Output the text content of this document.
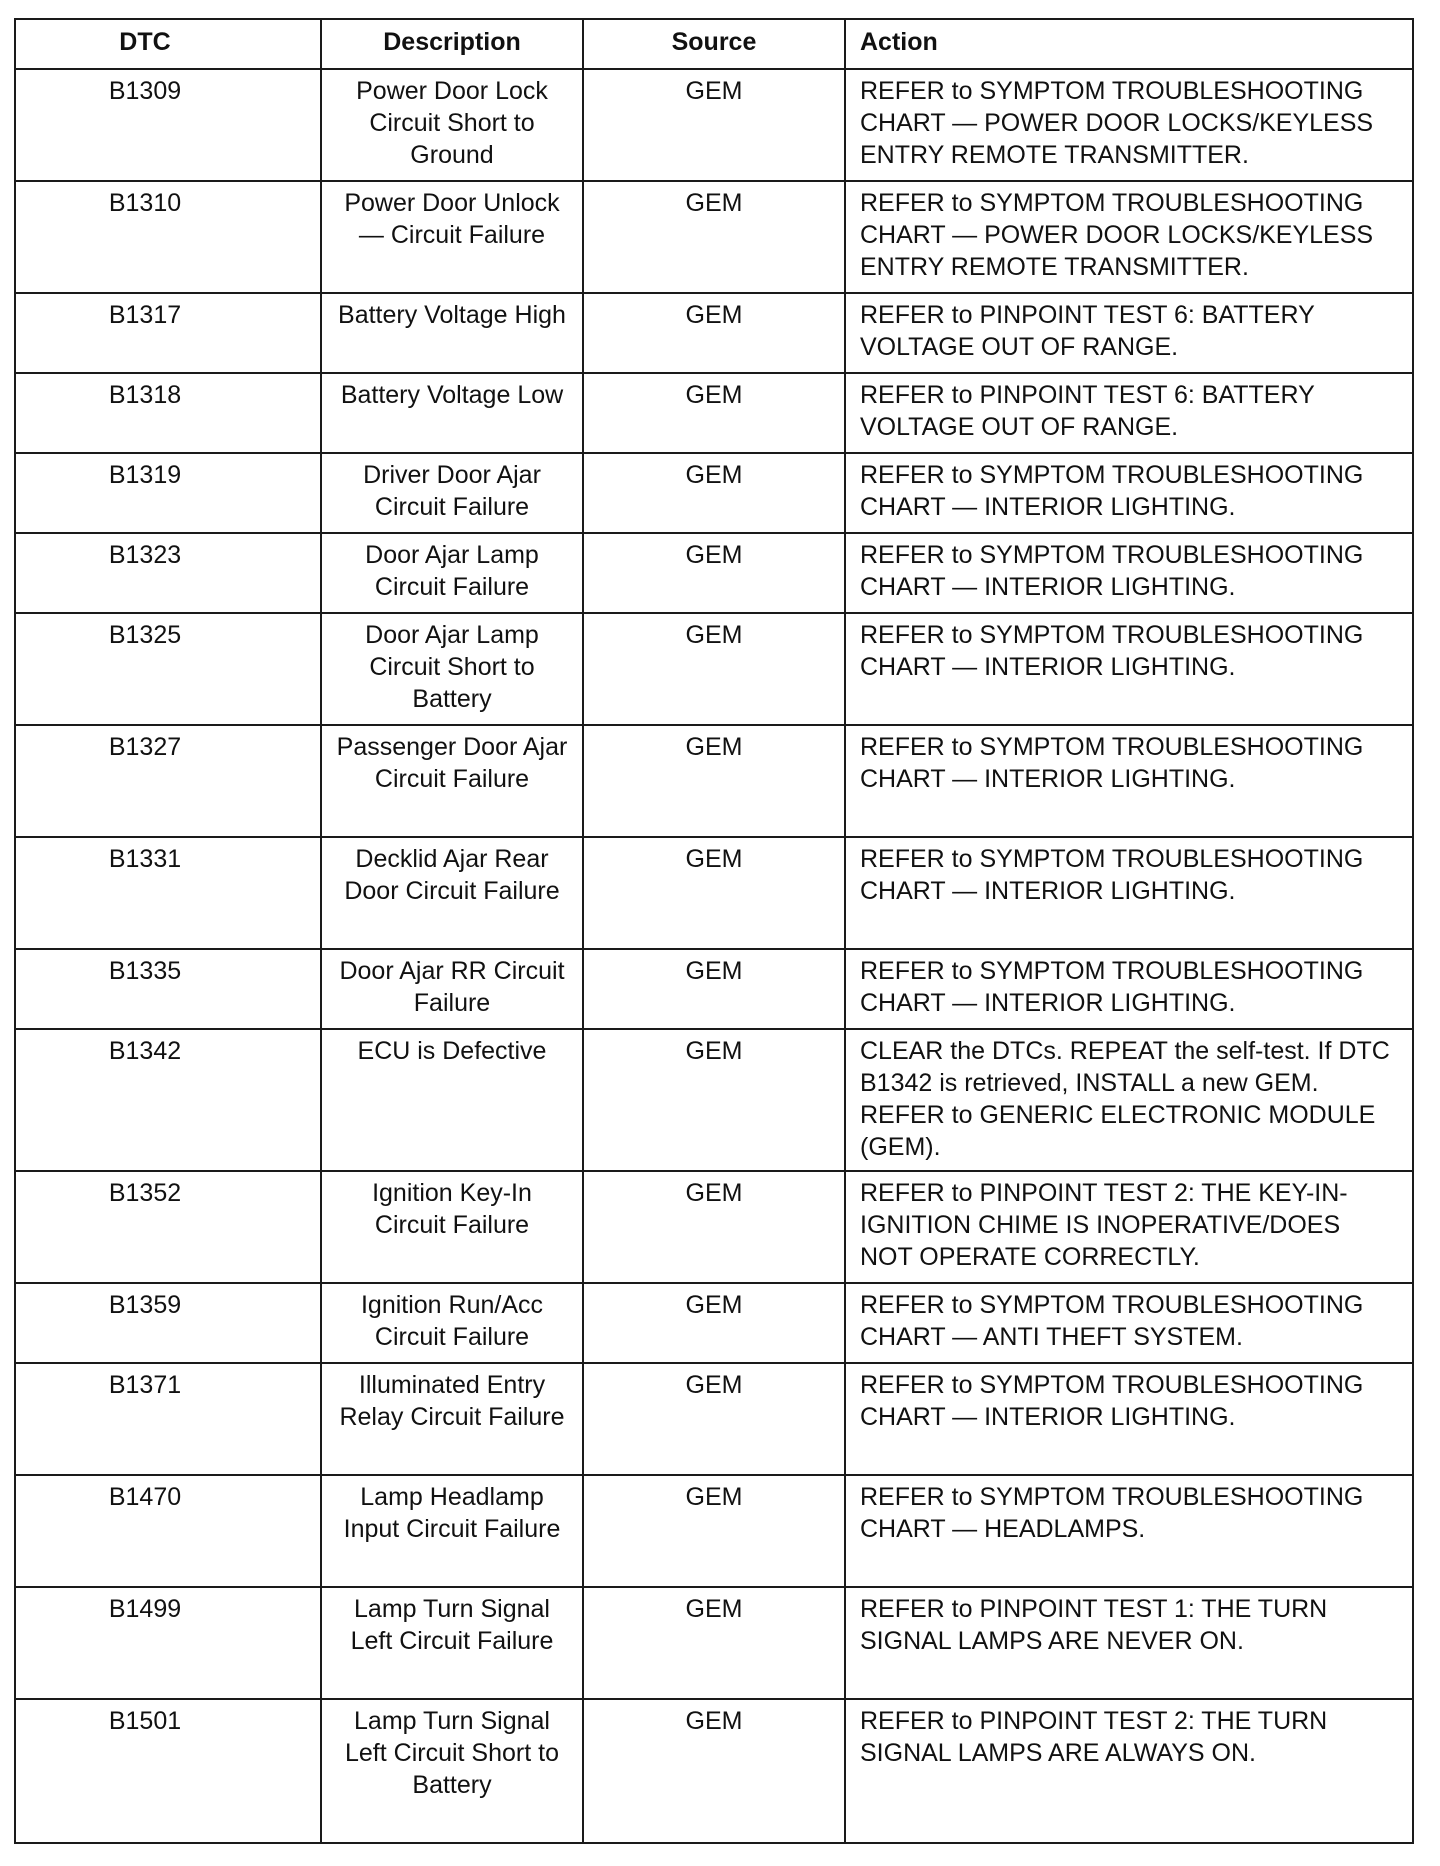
DTC	Description	Source	Action
B1309	Power Door Lock Circuit Short to Ground	GEM	REFER to SYMPTOM TROUBLESHOOTING CHART — POWER DOOR LOCKS/KEYLESS ENTRY REMOTE TRANSMITTER.
B1310	Power Door Unlock — Circuit Failure	GEM	REFER to SYMPTOM TROUBLESHOOTING CHART — POWER DOOR LOCKS/KEYLESS ENTRY REMOTE TRANSMITTER.
B1317	Battery Voltage High	GEM	REFER to PINPOINT TEST 6: BATTERY VOLTAGE OUT OF RANGE.
B1318	Battery Voltage Low	GEM	REFER to PINPOINT TEST 6: BATTERY VOLTAGE OUT OF RANGE.
B1319	Driver Door Ajar Circuit Failure	GEM	REFER to SYMPTOM TROUBLESHOOTING CHART — INTERIOR LIGHTING.
B1323	Door Ajar Lamp Circuit Failure	GEM	REFER to SYMPTOM TROUBLESHOOTING CHART — INTERIOR LIGHTING.
B1325	Door Ajar Lamp Circuit Short to Battery	GEM	REFER to SYMPTOM TROUBLESHOOTING CHART — INTERIOR LIGHTING.
B1327	Passenger Door Ajar Circuit Failure	GEM	REFER to SYMPTOM TROUBLESHOOTING CHART — INTERIOR LIGHTING.
B1331	Decklid Ajar Rear Door Circuit Failure	GEM	REFER to SYMPTOM TROUBLESHOOTING CHART — INTERIOR LIGHTING.
B1335	Door Ajar RR Circuit Failure	GEM	REFER to SYMPTOM TROUBLESHOOTING CHART — INTERIOR LIGHTING.
B1342	ECU is Defective	GEM	CLEAR the DTCs. REPEAT the self-test. If DTC B1342 is retrieved, INSTALL a new GEM. REFER to GENERIC ELECTRONIC MODULE (GEM).
B1352	Ignition Key-In Circuit Failure	GEM	REFER to PINPOINT TEST 2: THE KEY-IN-IGNITION CHIME IS INOPERATIVE/DOES NOT OPERATE CORRECTLY.
B1359	Ignition Run/Acc Circuit Failure	GEM	REFER to SYMPTOM TROUBLESHOOTING CHART — ANTI THEFT SYSTEM.
B1371	Illuminated Entry Relay Circuit Failure	GEM	REFER to SYMPTOM TROUBLESHOOTING CHART — INTERIOR LIGHTING.
B1470	Lamp Headlamp Input Circuit Failure	GEM	REFER to SYMPTOM TROUBLESHOOTING CHART — HEADLAMPS.
B1499	Lamp Turn Signal Left Circuit Failure	GEM	REFER to PINPOINT TEST 1: THE TURN SIGNAL LAMPS ARE NEVER ON.
B1501	Lamp Turn Signal Left Circuit Short to Battery	GEM	REFER to PINPOINT TEST 2: THE TURN SIGNAL LAMPS ARE ALWAYS ON.
